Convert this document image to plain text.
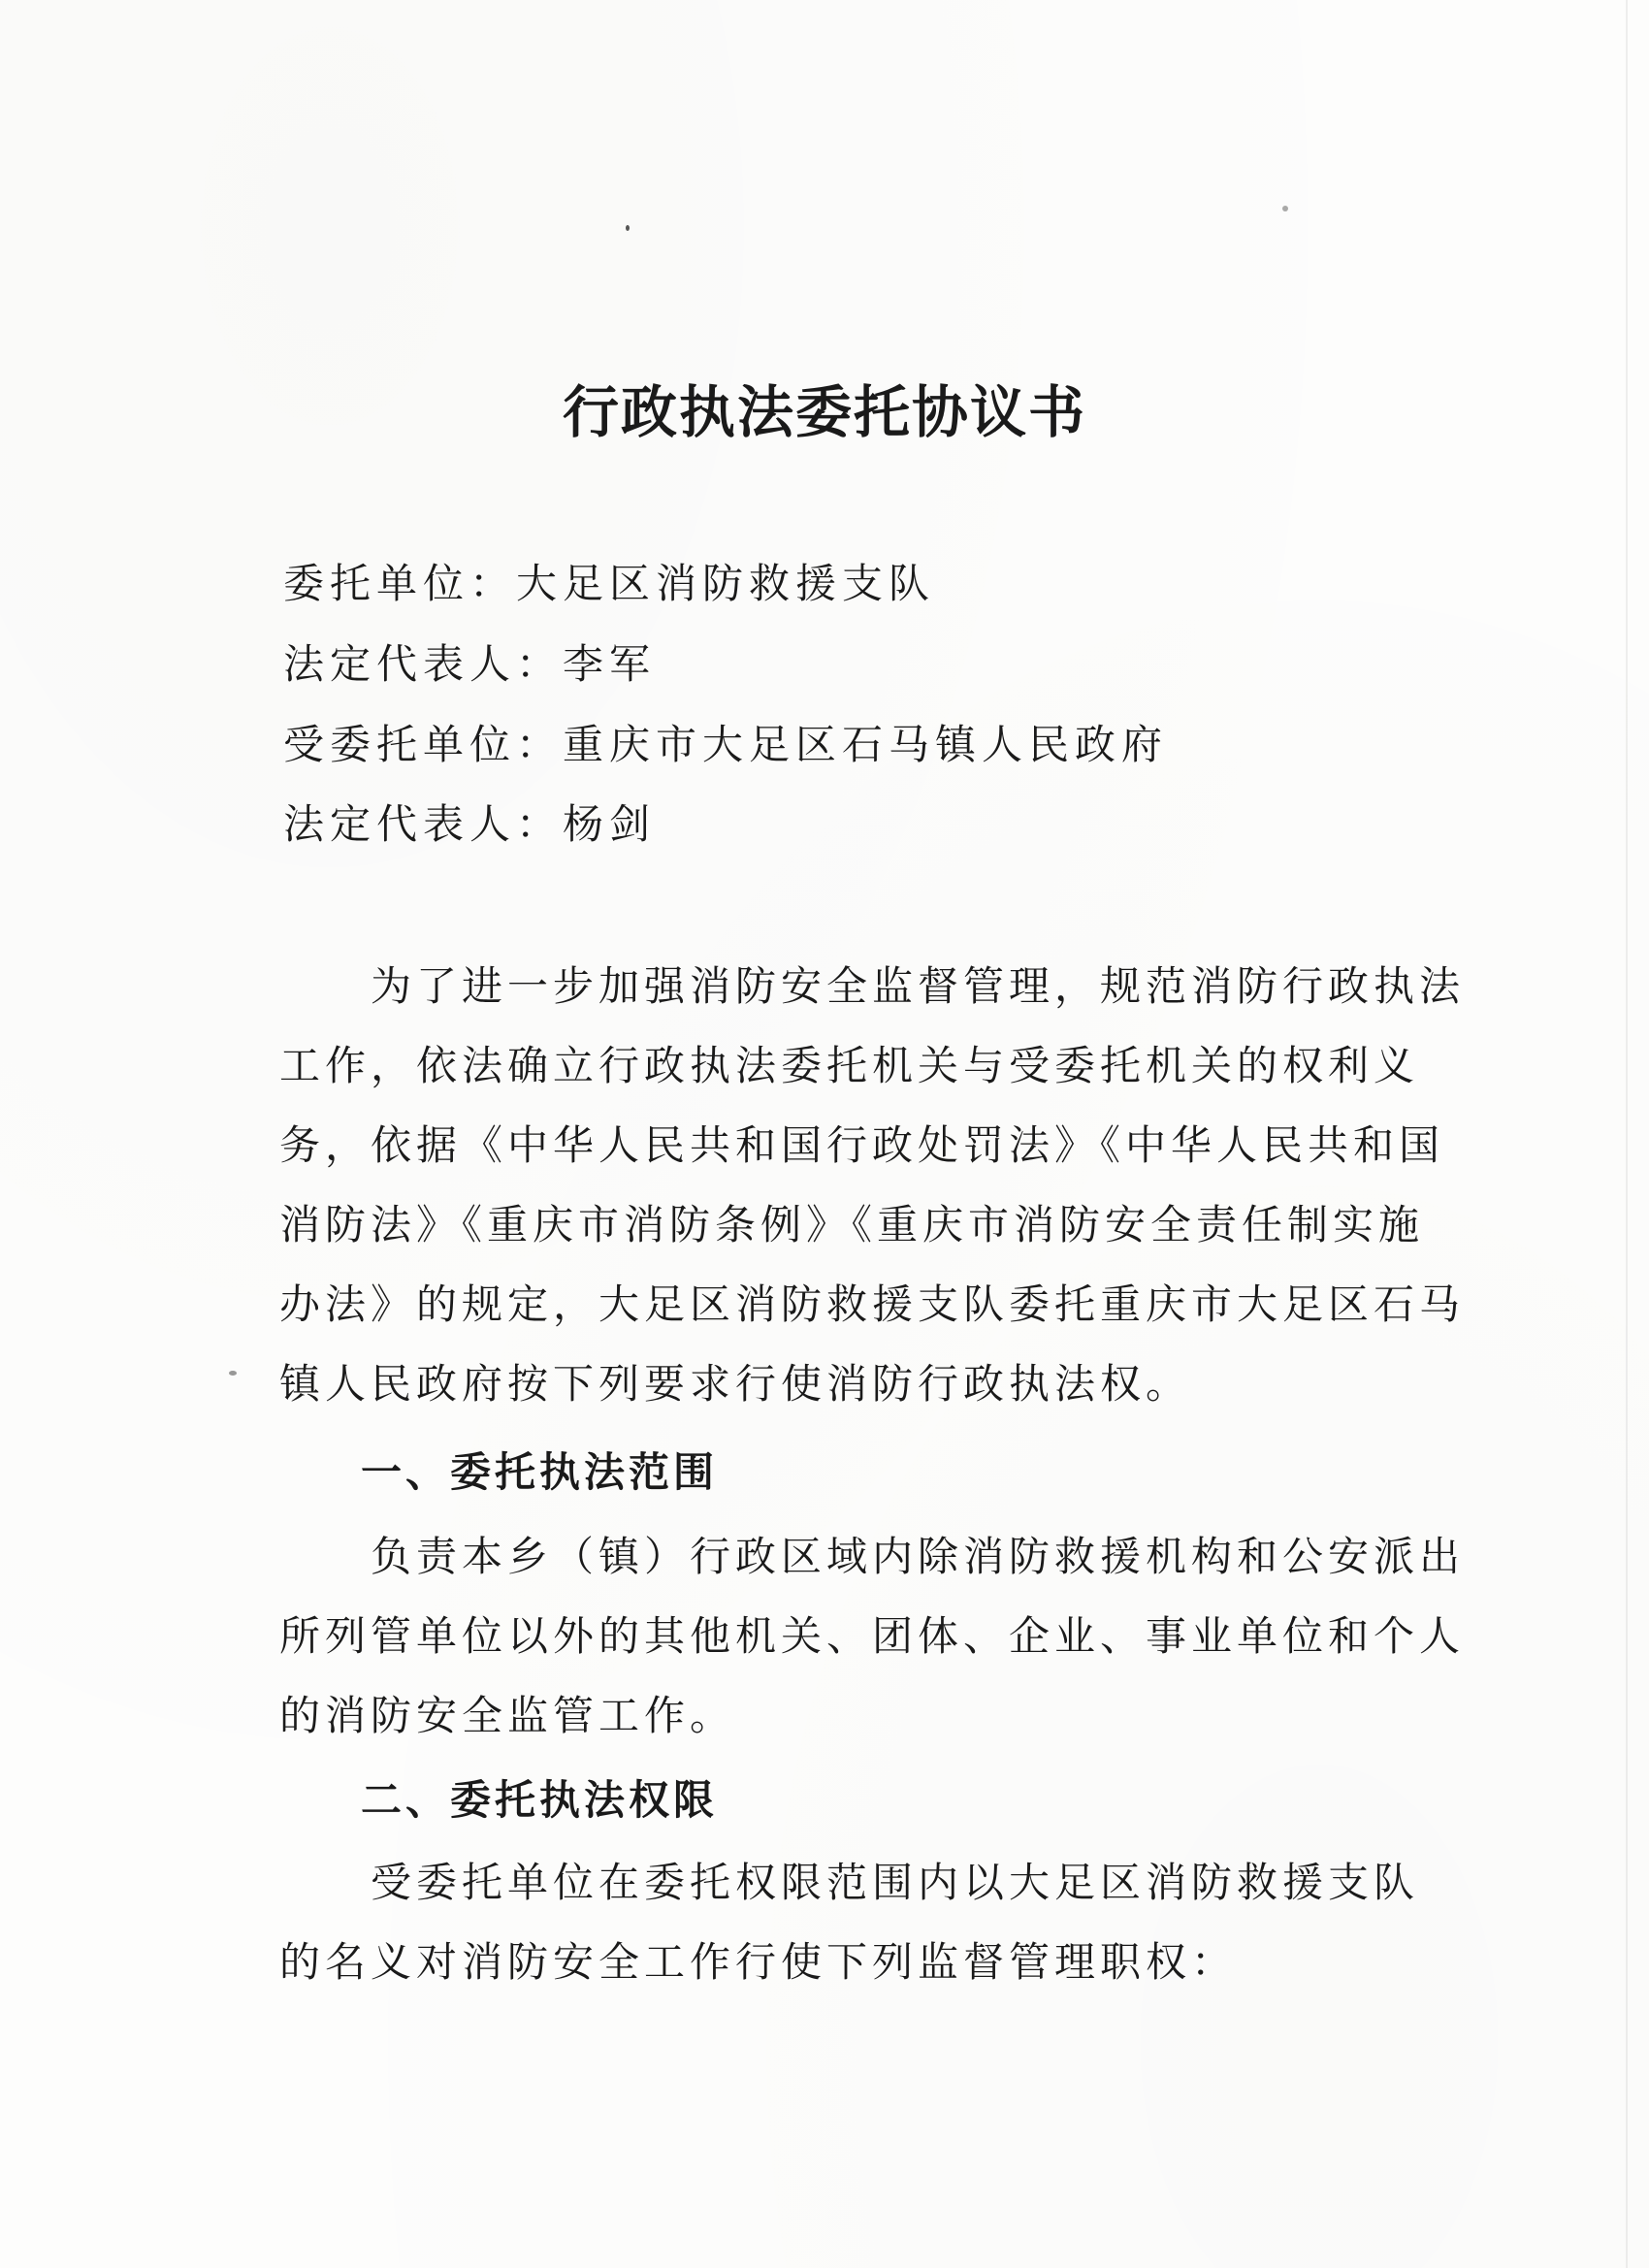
行政执法委托协议书
委托单位：大足区消防救援支队
法定代表人：李军
受委托单位：重庆市大足区石马镇人民政府
法定代表人：杨剑
　　为了进一步加强消防安全监督管理，规范消防行政执法
工作，依法确立行政执法委托机关与受委托机关的权利义
务，依据《中华人民共和国行政处罚法》《中华人民共和国
消防法》《重庆市消防条例》《重庆市消防安全责任制实施
办法》的规定，大足区消防救援支队委托重庆市大足区石马
镇人民政府按下列要求行使消防行政执法权。
一、委托执法范围
　　负责本乡（镇）行政区域内除消防救援机构和公安派出
所列管单位以外的其他机关、团体、企业、事业单位和个人
的消防安全监管工作。
二、委托执法权限
　　受委托单位在委托权限范围内以大足区消防救援支队
的名义对消防安全工作行使下列监督管理职权：
